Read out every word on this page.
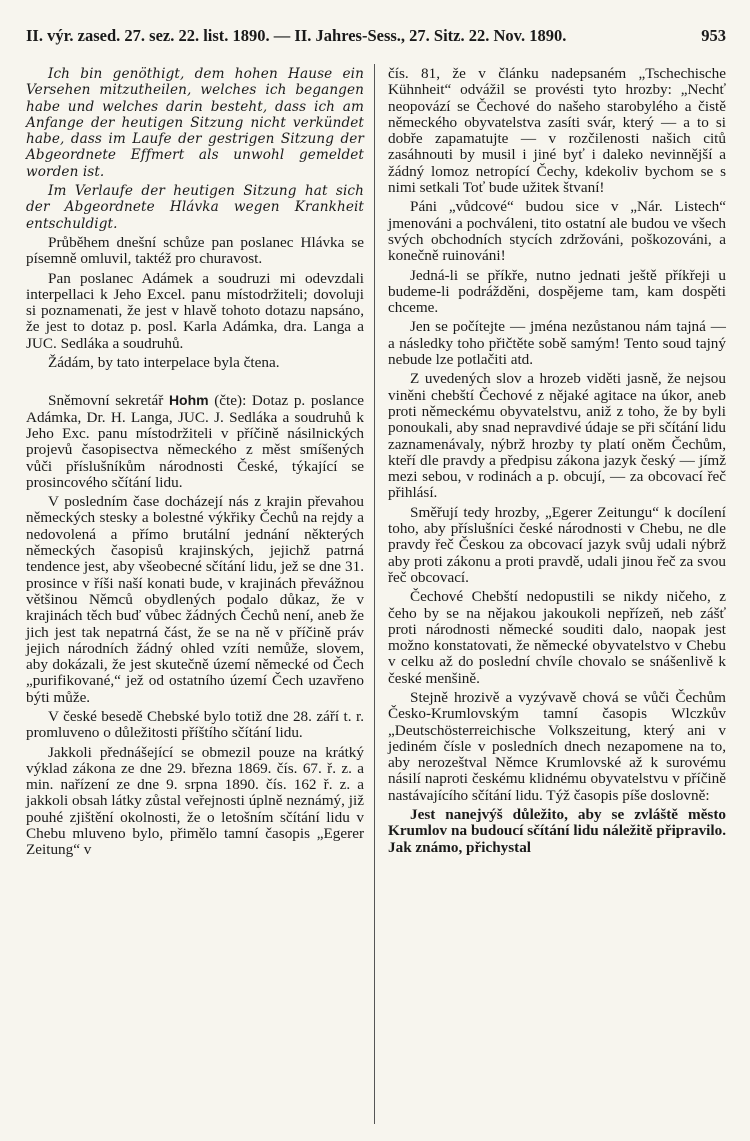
II. výr. zased. 27. sez. 22. list. 1890. — II. Jahres-Sess., 27. Sitz. 22. Nov. 1890.	953

Ich bin genöthigt, dem hohen Hause ein Versehen mitzutheilen, welches ich begangen habe und welches darin besteht, dass ich am Anfange der heutigen Sitzung nicht verkündet habe, dass im Laufe der gestrigen Sitzung der Abgeordnete Effmert als unwohl gemeldet worden ist.

Im Verlaufe der heutigen Sitzung hat sich der Abgeordnete Hlávka wegen Krankheit entschuldigt.

Průběhem dnešní schůze pan poslanec Hlávka se písemně omluvil, taktéž pro churavost.

Pan poslanec Adámek a soudruzi mi odevzdali interpellaci k Jeho Excel. panu místodržiteli; dovoluji si poznamenati, že jest v hlavě tohoto dotazu napsáno, že jest to dotaz p. posl. Karla Adámka, dra. Langa a JUC. Sedláka a soudruhů.

Žádám, by tato interpelace byla čtena.

Sněmovní sekretář Hohm (čte): Dotaz p. poslance Adámka, Dr. H. Langa, JUC. J. Sedláka a soudruhů k Jeho Exc. panu místodržiteli v příčině násilnických projevů časopisectva německého z měst smíšených vůči příslušníkům národnosti České, týkající se prosincového sčítání lidu.

V posledním čase docházejí nás z krajin převahou německých stesky a bolestné výkřiky Čechů na rejdy a nedovolená a přímo brutální jednání některých německých časopisů krajinských, jejichž patrná tendence jest, aby všeobecné sčítání lidu, jež se dne 31. prosince v říši naší konati bude, v krajinách převážnou většinou Němců obydlených podalo důkaz, že v krajinách těch buď vůbec žádných Čechů není, aneb že jich jest tak nepatrná část, že se na ně v příčině práv jejich národních žádný ohled vzíti nemůže, slovem, aby dokázali, že jest skutečně území německé od Čech „purifikované,“ jež od ostatního území Čech uzavřeno býti může.

V české besedě Chebské bylo totiž dne 28. září t. r. promluveno o důležitosti příštího sčítání lidu.

Jakkoli přednášející se obmezil pouze na krátký výklad zákona ze dne 29. března 1869. čís. 67. ř. z. a min. nařízení ze dne 9. srpna 1890. čís. 162 ř. z. a jakkoli obsah látky zůstal veřejnosti úplně neznámý, již pouhé zjištění okolnosti, že o letošním sčítání lidu v Chebu mluveno bylo, přimělo tamní časopis „Egerer Zeitung“ v

čís. 81, že v článku nadepsaném „Tschechische Kühnheit“ odvážil se provésti tyto hrozby: „Nechť neopovází se Čechové do našeho starobylého a čistě německého obyvatelstva zasíti svár, který — a to si dobře zapamatujte — v rozčilenosti našich citů zasáhnouti by musil i jiné byť i daleko nevinnější a žádný lomoz netropící Čechy, kdekoliv bychom se s nimi setkali Toť bude užitek štvaní!

Páni „vůdcové“ budou sice v „Nár. Listech“ jmenováni a pochváleni, tito ostatní ale budou ve všech svých obchodních stycích zdržováni, poškozováni, a konečně ruinováni!

Jedná-li se příkře, nutno jednati ještě příkřeji u budeme-li podrážděni, dospějeme tam, kam dospěti chceme.

Jen se počítejte — jména nezůstanou nám tajná — a následky toho přičtěte sobě samým! Tento soud tajný nebude lze potlačiti atd.

Z uvedených slov a hrozeb viděti jasně, že nejsou viněni chebští Čechové z nějaké agitace na úkor, aneb proti německému obyvatelstvu, aniž z toho, že by byli ponoukali, aby snad nepravdivé údaje se při sčítání lidu zaznamenávaly, nýbrž hrozby ty platí oněm Čechům, kteří dle pravdy a předpisu zákona jazyk český — jímž mezi sebou, v rodinách a p. obcují, — za obcovací řeč přihlásí.

Směřují tedy hrozby, „Egerer Zeitungu“ k docílení toho, aby příslušníci české národnosti v Chebu, ne dle pravdy řeč Českou za obcovací jazyk svůj udali nýbrž aby proti zákonu a proti pravdě, udali jinou řeč za svou řeč obcovací.

Čechové Chebští nedopustili se nikdy ničeho, z čeho by se na nějakou jakoukoli nepřízeň, neb zášť proti národnosti německé souditi dalo, naopak jest možno konstatovati, že německé obyvatelstvo v Chebu v celku až do poslední chvíle chovalo se snášenlivě k české menšině.

Stejně hrozivě a vyzývavě chová se vůči Čechům Česko-Krumlovským tamní časopis Wlczkův „Deutschösterreichische Volkszeitung, který ani v jediném čísle v posledních dnech nezapomene na to, aby nerozeštval Němce Krumlovské až k surovému násilí naproti českému klidnému obyvatelstvu v příčině nastávajícího sčítání lidu. Týž časopis píše doslovně:

Jest nanejvýš důležito, aby se zvláště město Krumlov na budoucí sčítání lidu náležitě připravilo. Jak známo, přichystal
